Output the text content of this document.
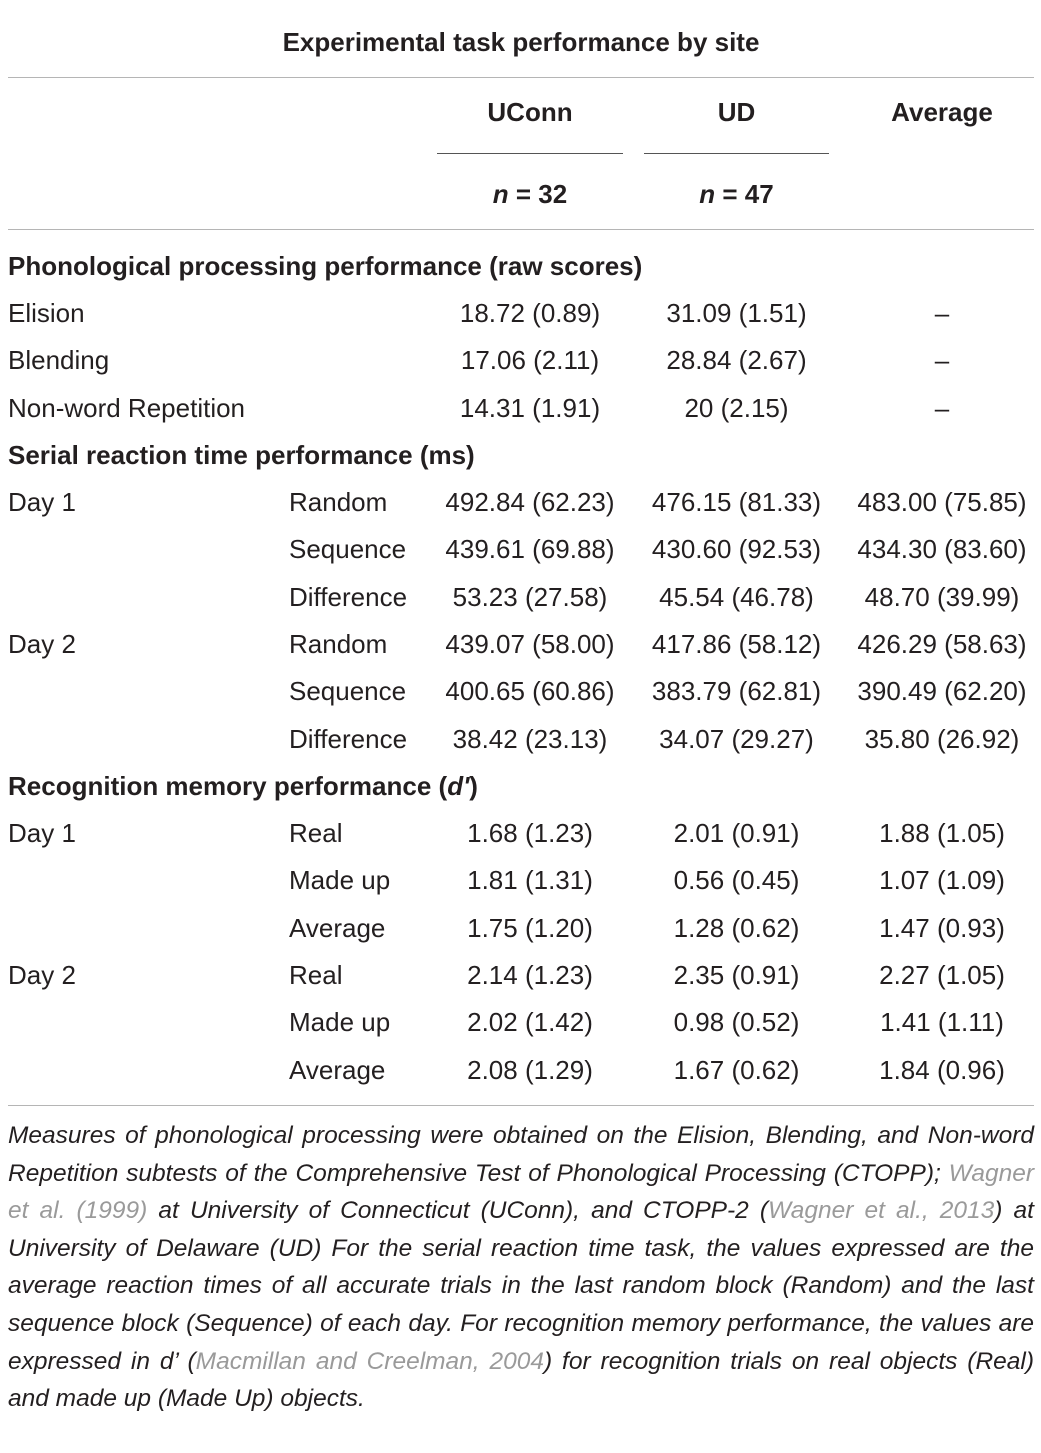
Experimental task performance by site
UConn	UD	Average
n = 32	n = 47
Phonological processing performance (raw scores)
Elision	18.72 (0.89)	31.09 (1.51)	–
Blending	17.06 (2.11)	28.84 (2.67)	–
Non-word Repetition	14.31 (1.91)	20 (2.15)	–
Serial reaction time performance (ms)
Day 1	Random	492.84 (62.23)	476.15 (81.33)	483.00 (75.85)
Sequence	439.61 (69.88)	430.60 (92.53)	434.30 (83.60)
Difference	53.23 (27.58)	45.54 (46.78)	48.70 (39.99)
Day 2	Random	439.07 (58.00)	417.86 (58.12)	426.29 (58.63)
Sequence	400.65 (60.86)	383.79 (62.81)	390.49 (62.20)
Difference	38.42 (23.13)	34.07 (29.27)	35.80 (26.92)
Recognition memory performance (d')
Day 1	Real	1.68 (1.23)	2.01 (0.91)	1.88 (1.05)
Made up	1.81 (1.31)	0.56 (0.45)	1.07 (1.09)
Average	1.75 (1.20)	1.28 (0.62)	1.47 (0.93)
Day 2	Real	2.14 (1.23)	2.35 (0.91)	2.27 (1.05)
Made up	2.02 (1.42)	0.98 (0.52)	1.41 (1.11)
Average	2.08 (1.29)	1.67 (0.62)	1.84 (0.96)
Measures of phonological processing were obtained on the Elision, Blending, and Non-word Repetition subtests of the Comprehensive Test of Phonological Processing (CTOPP); Wagner et al. (1999) at University of Connecticut (UConn), and CTOPP-2 (Wagner et al., 2013) at University of Delaware (UD) For the serial reaction time task, the values expressed are the average reaction times of all accurate trials in the last random block (Random) and the last sequence block (Sequence) of each day. For recognition memory performance, the values are expressed in d’ (Macmillan and Creelman, 2004) for recognition trials on real objects (Real) and made up (Made Up) objects.
